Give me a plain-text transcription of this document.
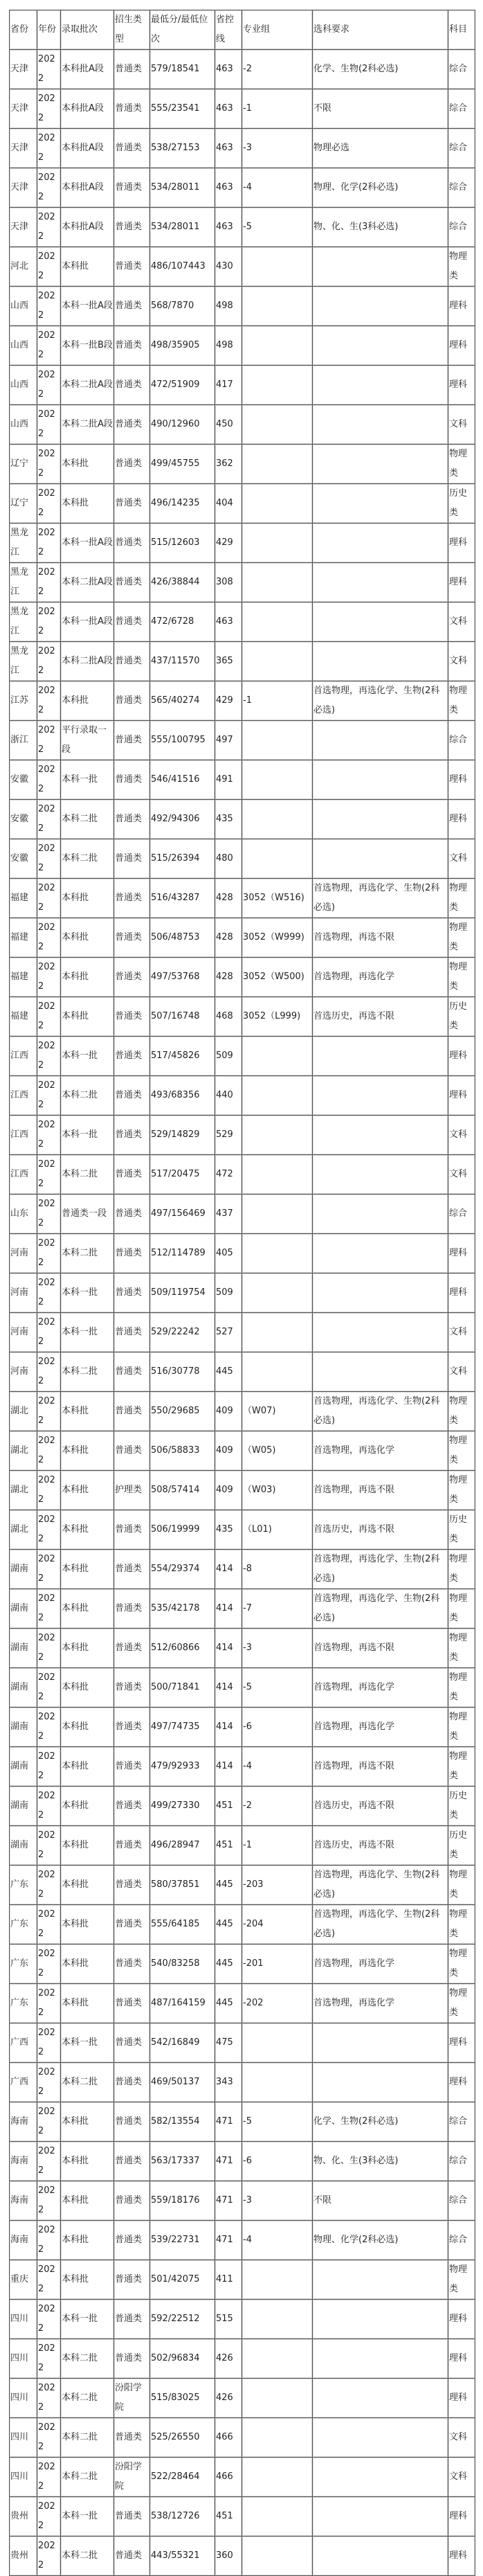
省份	年份	录取批次	招生类型	最低分/最低位次	省控线	专业组	选科要求	科目
天津	2022	本科批A段	普通类	579/18541	463	-2	化学、生物(2科必选)	综合
天津	2022	本科批A段	普通类	555/23541	463	-1	不限	综合
天津	2022	本科批A段	普通类	538/27153	463	-3	物理必选	综合
天津	2022	本科批A段	普通类	534/28011	463	-4	物理、化学(2科必选)	综合
天津	2022	本科批A段	普通类	534/28011	463	-5	物、化、生(3科必选)	综合
河北	2022	本科批	普通类	486/107443	430			物理类
山西	2022	本科一批A段	普通类	568/7870	498			理科
山西	2022	本科一批B段	普通类	498/35905	498			理科
山西	2022	本科二批A段	普通类	472/51909	417			理科
山西	2022	本科二批A段	普通类	490/12960	450			文科
辽宁	2022	本科批	普通类	499/45755	362			物理类
辽宁	2022	本科批	普通类	496/14235	404			历史类
黑龙江	2022	本科一批A段	普通类	515/12603	429			理科
黑龙江	2022	本科二批A段	普通类	426/38844	308			理科
黑龙江	2022	本科一批A段	普通类	472/6728	463			文科
黑龙江	2022	本科二批A段	普通类	437/11570	365			文科
江苏	2022	本科批	普通类	565/40274	429	-1	首选物理，再选化学、生物(2科必选)	物理类
浙江	2022	平行录取一段	普通类	555/100795	497			综合
安徽	2022	本科一批	普通类	546/41516	491			理科
安徽	2022	本科二批	普通类	492/94306	435			理科
安徽	2022	本科二批	普通类	515/26394	480			文科
福建	2022	本科批	普通类	516/43287	428	3052（W516)	首选物理，再选化学、生物(2科必选)	物理类
福建	2022	本科批	普通类	506/48753	428	3052（W999)	首选物理，再选不限	物理类
福建	2022	本科批	普通类	497/53768	428	3052（W500)	首选物理，再选化学	物理类
福建	2022	本科批	普通类	507/16748	468	3052（L999)	首选历史，再选不限	历史类
江西	2022	本科一批	普通类	517/45826	509			理科
江西	2022	本科二批	普通类	493/68356	440			理科
江西	2022	本科一批	普通类	529/14829	529			文科
江西	2022	本科二批	普通类	517/20475	472			文科
山东	2022	普通类一段	普通类	497/156469	437			综合
河南	2022	本科二批	普通类	512/114789	405			理科
河南	2022	本科一批	普通类	509/119754	509			理科
河南	2022	本科一批	普通类	529/22242	527			文科
河南	2022	本科二批	普通类	516/30778	445			文科
湖北	2022	本科批	普通类	550/29685	409	（W07)	首选物理，再选化学、生物(2科必选)	物理类
湖北	2022	本科批	普通类	506/58833	409	（W05)	首选物理，再选化学	物理类
湖北	2022	本科批	护理类	508/57414	409	（W03)	首选物理，再选不限	物理类
湖北	2022	本科批	普通类	506/19999	435	（L01)	首选历史，再选不限	历史类
湖南	2022	本科批	普通类	554/29374	414	-8	首选物理，再选化学、生物(2科必选)	物理类
湖南	2022	本科批	普通类	535/42178	414	-7	首选物理，再选化学、生物(2科必选)	物理类
湖南	2022	本科批	普通类	512/60866	414	-3	首选物理，再选不限	物理类
湖南	2022	本科批	普通类	500/71841	414	-5	首选物理，再选化学	物理类
湖南	2022	本科批	普通类	497/74735	414	-6	首选物理，再选化学	物理类
湖南	2022	本科批	普通类	479/92933	414	-4	首选物理，再选不限	物理类
湖南	2022	本科批	普通类	499/27330	451	-2	首选历史，再选不限	历史类
湖南	2022	本科批	普通类	496/28947	451	-1	首选历史，再选不限	历史类
广东	2022	本科批	普通类	580/37851	445	-203	首选物理，再选化学、生物(2科必选)	物理类
广东	2022	本科批	普通类	555/64185	445	-204	首选物理，再选化学、生物(2科必选)	物理类
广东	2022	本科批	普通类	540/83258	445	-201	首选物理，再选化学	物理类
广东	2022	本科批	普通类	487/164159	445	-202	首选物理，再选化学	物理类
广西	2022	本科一批	普通类	542/16849	475			理科
广西	2022	本科二批	普通类	469/50137	343			理科
海南	2022	本科批	普通类	582/13554	471	-5	化学、生物(2科必选)	综合
海南	2022	本科批	普通类	563/17337	471	-6	物、化、生(3科必选)	综合
海南	2022	本科批	普通类	559/18176	471	-3	不限	综合
海南	2022	本科批	普通类	539/22731	471	-4	物理、化学(2科必选)	综合
重庆	2022	本科批	普通类	501/42075	411			物理类
四川	2022	本科一批	普通类	592/22512	515			理科
四川	2022	本科二批	普通类	502/96834	426			理科
四川	2022	本科二批	汾阳学院	515/83025	426			理科
四川	2022	本科二批	普通类	525/26550	466			文科
四川	2022	本科二批	汾阳学院	522/28464	466			文科
贵州	2022	本科一批	普通类	538/12726	451			理科
贵州	2022	本科二批	普通类	443/55321	360			理科
